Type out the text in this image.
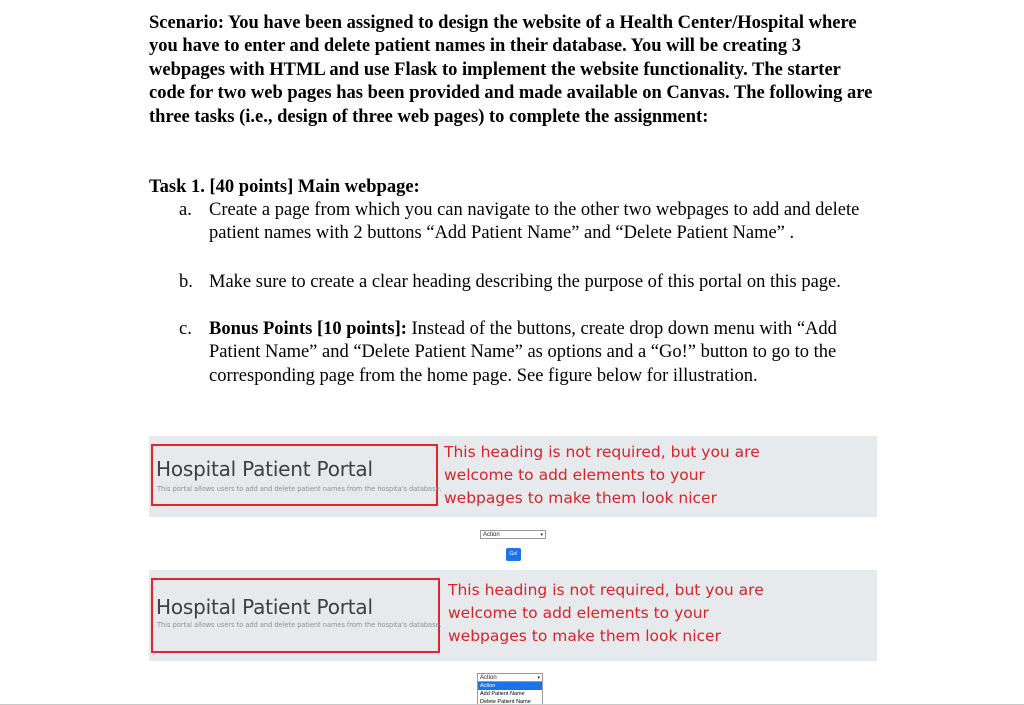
Scenario: You have been assigned to design the website of a Health Center/Hospital where you have to enter and delete patient names in their database. You will be creating 3 webpages with HTML and use Flask to implement the website functionality. The starter code for two web pages has been provided and made available on Canvas. The following are three tasks (i.e., design of three web pages) to complete the assignment:

Task 1. [40 points] Main webpage:

a. Create a page from which you can navigate to the other two webpages to add and delete patient names with 2 buttons “Add Patient Name” and “Delete Patient Name” .
b. Make sure to create a clear heading describing the purpose of this portal on this page.
c. Bonus Points [10 points]: Instead of the buttons, create drop down menu with “Add Patient Name” and “Delete Patient Name” as options and a “Go!” button to go to the corresponding page from the home page. See figure below for illustration.
Hospital Patient Portal
This portal allows users to add and delete patient names from the hospita's database.
This heading is not required, but you are welcome to add elements to your webpages to make them look nicer
Action	▾
Go!
Hospital Patient Portal
This portal allows users to add and delete patient names from the hospita's database.
This heading is not required, but you are welcome to add elements to your webpages to make them look nicer
Action	▾
Action
Add Patient Name
Delete Patient Name
